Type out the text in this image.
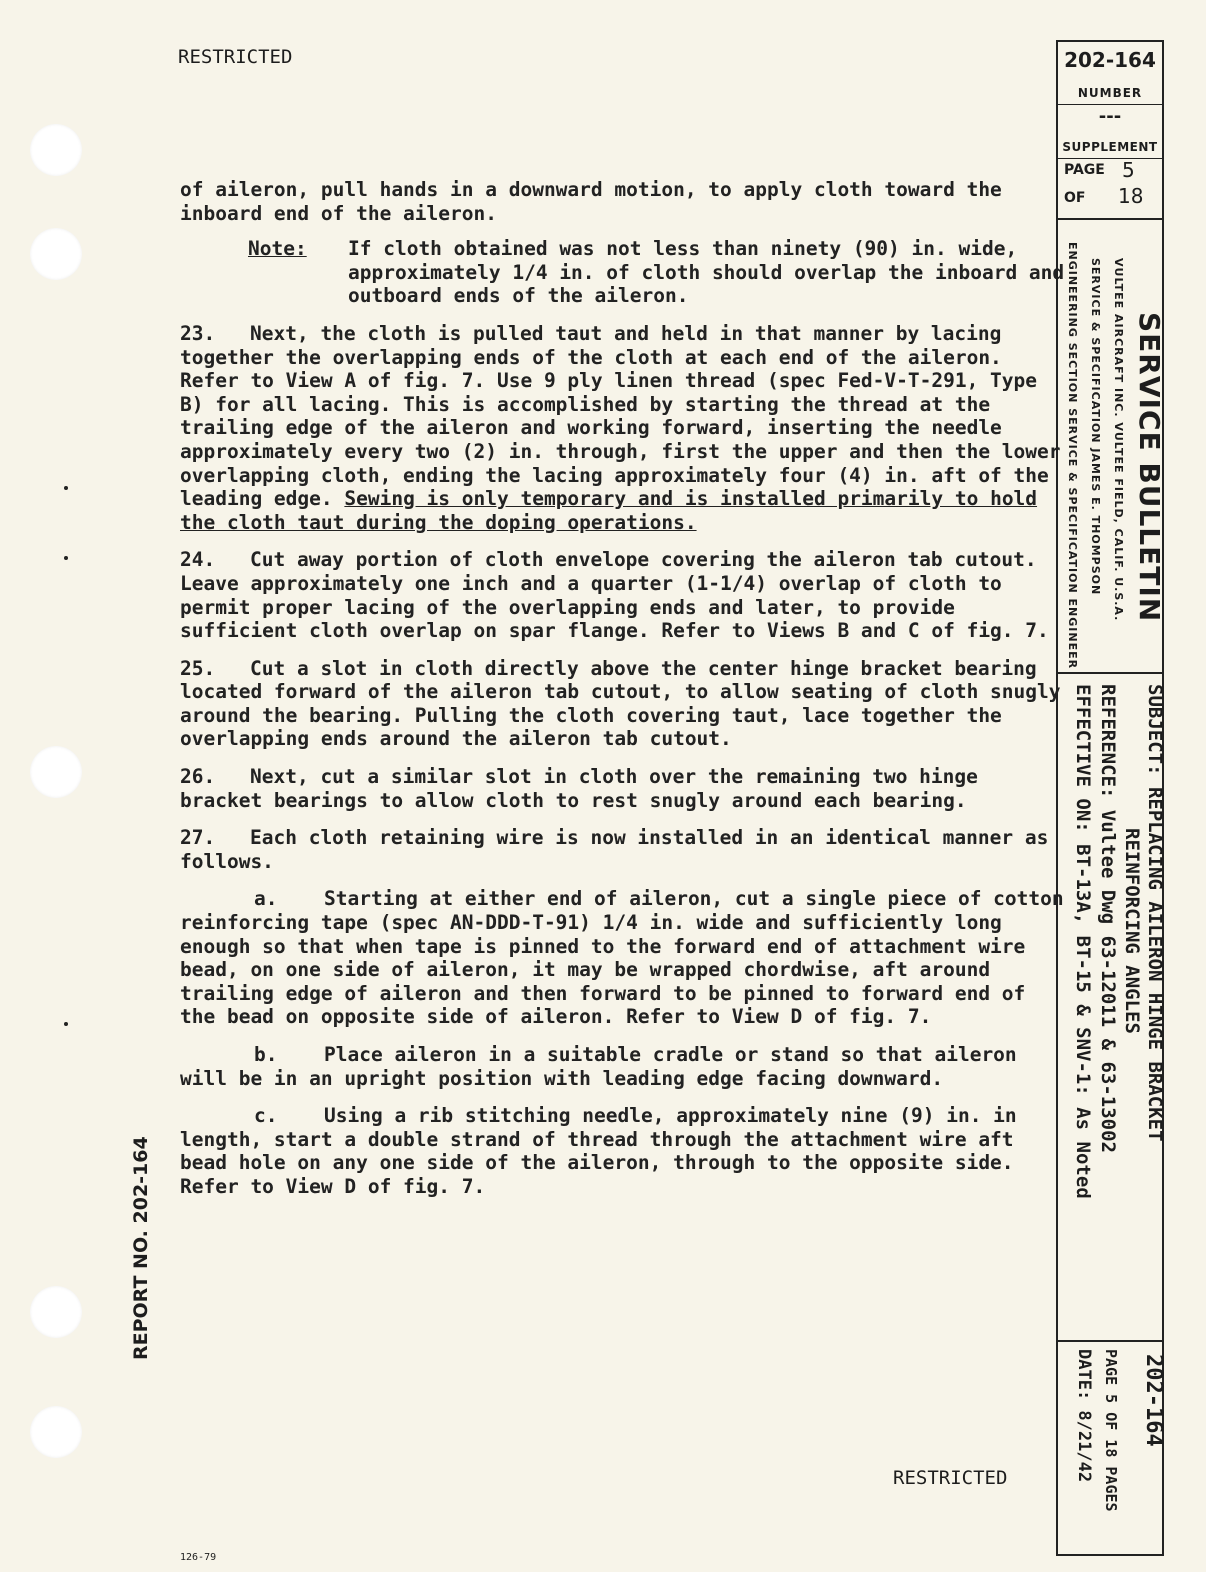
RESTRICTED
REPORT NO. 202-164

of aileron, pull hands in a downward motion, to apply cloth toward the inboard end of the aileron.

Note:	If cloth obtained was not less than ninety (90) in. wide, approximately 1/4 in. of cloth should overlap the inboard and outboard ends of the aileron.

23. Next, the cloth is pulled taut and held in that manner by lacing together the overlapping ends of the cloth at each end of the aileron. Refer to View A of fig. 7. Use 9 ply linen thread (spec Fed-V-T-291, Type B) for all lacing. This is accomplished by starting the thread at the trailing edge of the aileron and working forward, inserting the needle approximately every two (2) in. through, first the upper and then the lower overlapping cloth, ending the lacing approximately four (4) in. aft of the leading edge. Sewing is only temporary and is installed primarily to hold the cloth taut during the doping operations.

24. Cut away portion of cloth envelope covering the aileron tab cutout. Leave approximately one inch and a quarter (1-1/4) overlap of cloth to permit proper lacing of the overlapping ends and later, to provide sufficient cloth overlap on spar flange. Refer to Views B and C of fig. 7.

25. Cut a slot in cloth directly above the center hinge bracket bearing located forward of the aileron tab cutout, to allow seating of cloth snugly around the bearing. Pulling the cloth covering taut, lace together the overlapping ends around the aileron tab cutout.

26. Next, cut a similar slot in cloth over the remaining two hinge bracket bearings to allow cloth to rest snugly around each bearing.

27. Each cloth retaining wire is now installed in an identical manner as follows.

a. Starting at either end of aileron, cut a single piece of cotton reinforcing tape (spec AN-DDD-T-91) 1/4 in. wide and sufficiently long enough so that when tape is pinned to the forward end of attachment wire bead, on one side of aileron, it may be wrapped chordwise, aft around trailing edge of aileron and then forward to be pinned to forward end of the bead on opposite side of aileron. Refer to View D of fig. 7.

b. Place aileron in a suitable cradle or stand so that aileron will be in an upright position with leading edge facing downward.

c. Using a rib stitching needle, approximately nine (9) in. in length, start a double strand of thread through the attachment wire aft bead hole on any one side of the aileron, through to the opposite side. Refer to View D of fig. 7.

202-164
NUMBER
---
SUPPLEMENT
PAGE 5
OF	18
SERVICE BULLETIN
VULTEE AIRCRAFT INC. VULTEE FIELD, CALIF. U.S.A.
SERVICE & SPECIFICATION JAMES E. THOMPSON
ENGINEERING SECTION SERVICE & SPECIFICATION ENGINEER
SUBJECT: REPLACING AILERON HINGE BRACKET
REINFORCING ANGLES
REFERENCE: Vultee Dwg 63-12011 & 63-13002
EFFECTIVE ON: BT-13A, BT-15 & SNV-1: As Noted
202-164
PAGE 5 OF 18 PAGES
DATE: 8/21/42
RESTRICTED
126-79
